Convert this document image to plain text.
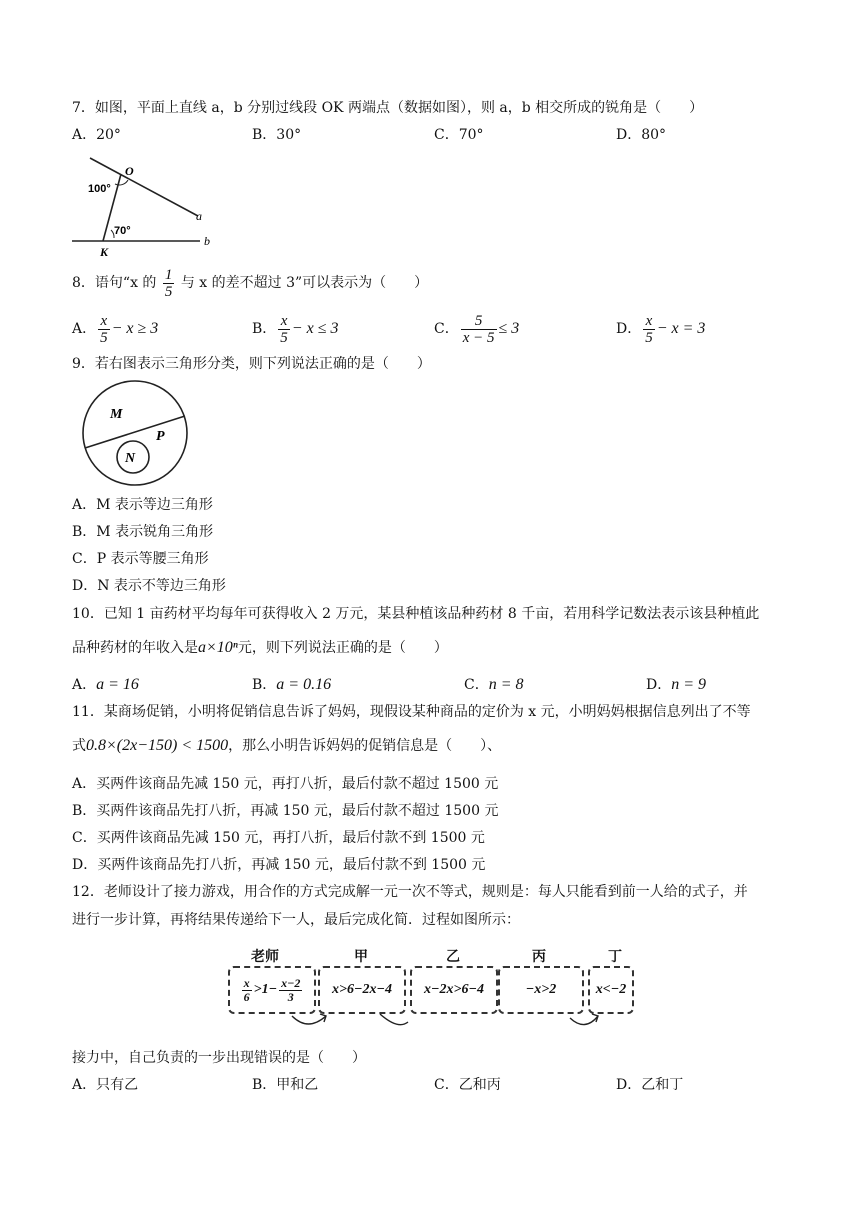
7．如图，平面上直线 a，b 分别过线段 OK 两端点（数据如图），则 a，b 相交所成的锐角是（　　）
A．20°	B．30°	C．70°	D．80°
O
K
a
b
100°
70°
8．语句“x 的 $\frac{1}{5}$ 与 x 的差不超过 3”可以表示为（　　）
A． $\frac{x}{5} - x \ge 3$	B． $\frac{x}{5} - x \le 3$	C． $\frac{5}{x - 5} \le 3$	D． $\frac{x}{5} - x = 3$
9．若右图表示三角形分类，则下列说法正确的是（　　）
M
P
N
A．M 表示等边三角形
B．M 表示锐角三角形
C．P 表示等腰三角形
D．N 表示不等边三角形
10．已知 1 亩药材平均每年可获得收入 2 万元，某县种植该品种药材 8 千亩，若用科学记数法表示该县种植此
品种药材的年收入是a×10ⁿ元，则下列说法正确的是（　　）
A．a = 16	B．a = 0.16	C．n = 8	D．n = 9
11．某商场促销，小明将促销信息告诉了妈妈，现假设某种商品的定价为 x 元，小明妈妈根据信息列出了不等
式0.8×(2x−150) < 1500，那么小明告诉妈妈的促销信息是（　　）、
A．买两件该商品先减 150 元，再打八折，最后付款不超过 1500 元
B．买两件该商品先打八折，再减 150 元，最后付款不超过 1500 元
C．买两件该商品先减 150 元，再打八折，最后付款不到 1500 元
D．买两件该商品先打八折，再减 150 元，最后付款不到 1500 元
12．老师设计了接力游戏，用合作的方式完成解一元一次不等式，规则是：每人只能看到前一人给的式子，并
进行一步计算，再将结果传递给下一人，最后完成化简．过程如图所示：
老师	甲	乙	丙	丁
$\frac{x}{6} >1- \frac{x-2}{3}$	x>6−2x−4	x−2x>6−4	−x>2	x<−2
接力中，自己负责的一步出现错误的是（　　）
A．只有乙	B．甲和乙	C．乙和丙	D．乙和丁
